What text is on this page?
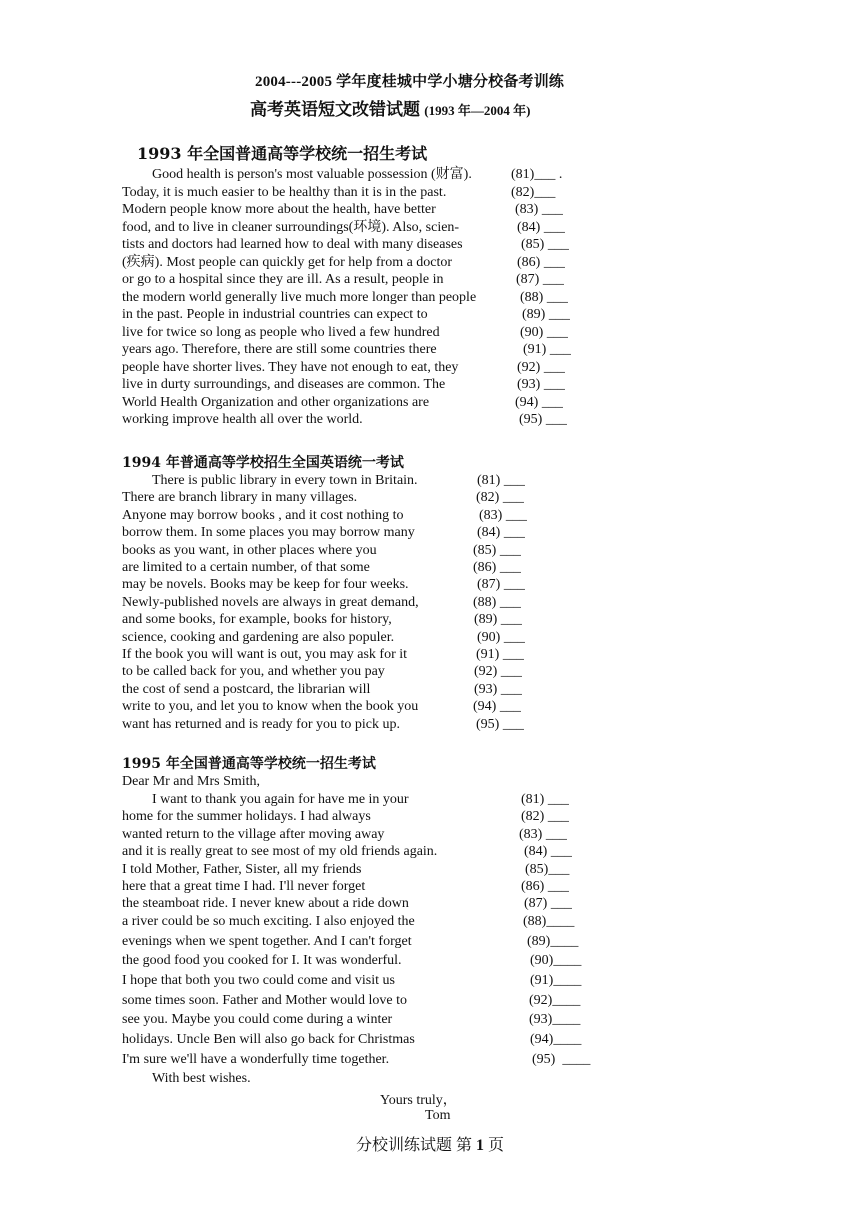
2004---2005 学年度桂城中学小塘分校备考训练
高考英语短文改错试题 (1993 年—2004 年)
1993 年全国普通高等学校统一招生考试
Good health is person's most valuable possession (财富).	(81)___ .
Today, it is much easier to be healthy than it is in the past.	(82)___
Modern people know more about the health, have better	(83) ___
food, and to live in cleaner surroundings(环境). Also, scien-	(84) ___
tists and doctors had learned how to deal with many diseases	(85) ___
(疾病). Most people can quickly get for help from a doctor	(86) ___
or go to a hospital since they are ill. As a result, people in	(87) ___
the modern world generally live much more longer than people	(88) ___
in the past. People in industrial countries can expect to	(89) ___
live for twice so long as people who lived a few hundred	(90) ___
years ago. Therefore, there are still some countries there	(91) ___
people have shorter lives. They have not enough to eat, they	(92) ___
live in durty surroundings, and diseases are common. The	(93) ___
World Health Organization and other organizations are	(94) ___
working improve health all over the world.	(95) ___
1994 年普通高等学校招生全国英语统一考试
There is public library in every town in Britain.	(81) ___
There are branch library in many villages.	(82) ___
Anyone may borrow books , and it cost nothing to	(83) ___
borrow them. In some places you may borrow many	(84) ___
books as you want, in other places where you	(85) ___
are limited to a certain number, of that some	(86) ___
may be novels. Books may be keep for four weeks.	(87) ___
Newly-published novels are always in great demand,	(88) ___
and some books, for example, books for history,	(89) ___
science, cooking and gardening are also populer.	(90) ___
If the book you will want is out, you may ask for it	(91) ___
to be called back for you, and whether you pay	(92) ___
the cost of send a postcard, the librarian will	(93) ___
write to you, and let you to know when the book you	(94) ___
want has returned and is ready for you to pick up.	(95) ___
1995 年全国普通高等学校统一招生考试
Dear Mr and Mrs Smith,
I want to thank you again for have me in your	(81) ___
home for the summer holidays. I had always	(82) ___
wanted return to the village after moving away	(83) ___
and it is really great to see most of my old friends again.	(84) ___
I told Mother, Father, Sister, all my friends	(85)___
here that a great time I had. I'll never forget	(86) ___
the steamboat ride. I never knew about a ride down	(87) ___
a river could be so much exciting. I also enjoyed the	(88)____
evenings when we spent together. And I can't forget	(89)____
the good food you cooked for I. It was wonderful.	(90)____
I hope that both you two could come and visit us	(91)____
some times soon. Father and Mother would love to	(92)____
see you. Maybe you could come during a winter	(93)____
holidays. Uncle Ben will also go back for Christmas	(94)____
I'm sure we'll have a wonderfully time together.	(95)  ____
With best wishes.
Yours truly，
Tom
分校训练试题 第 1 页
